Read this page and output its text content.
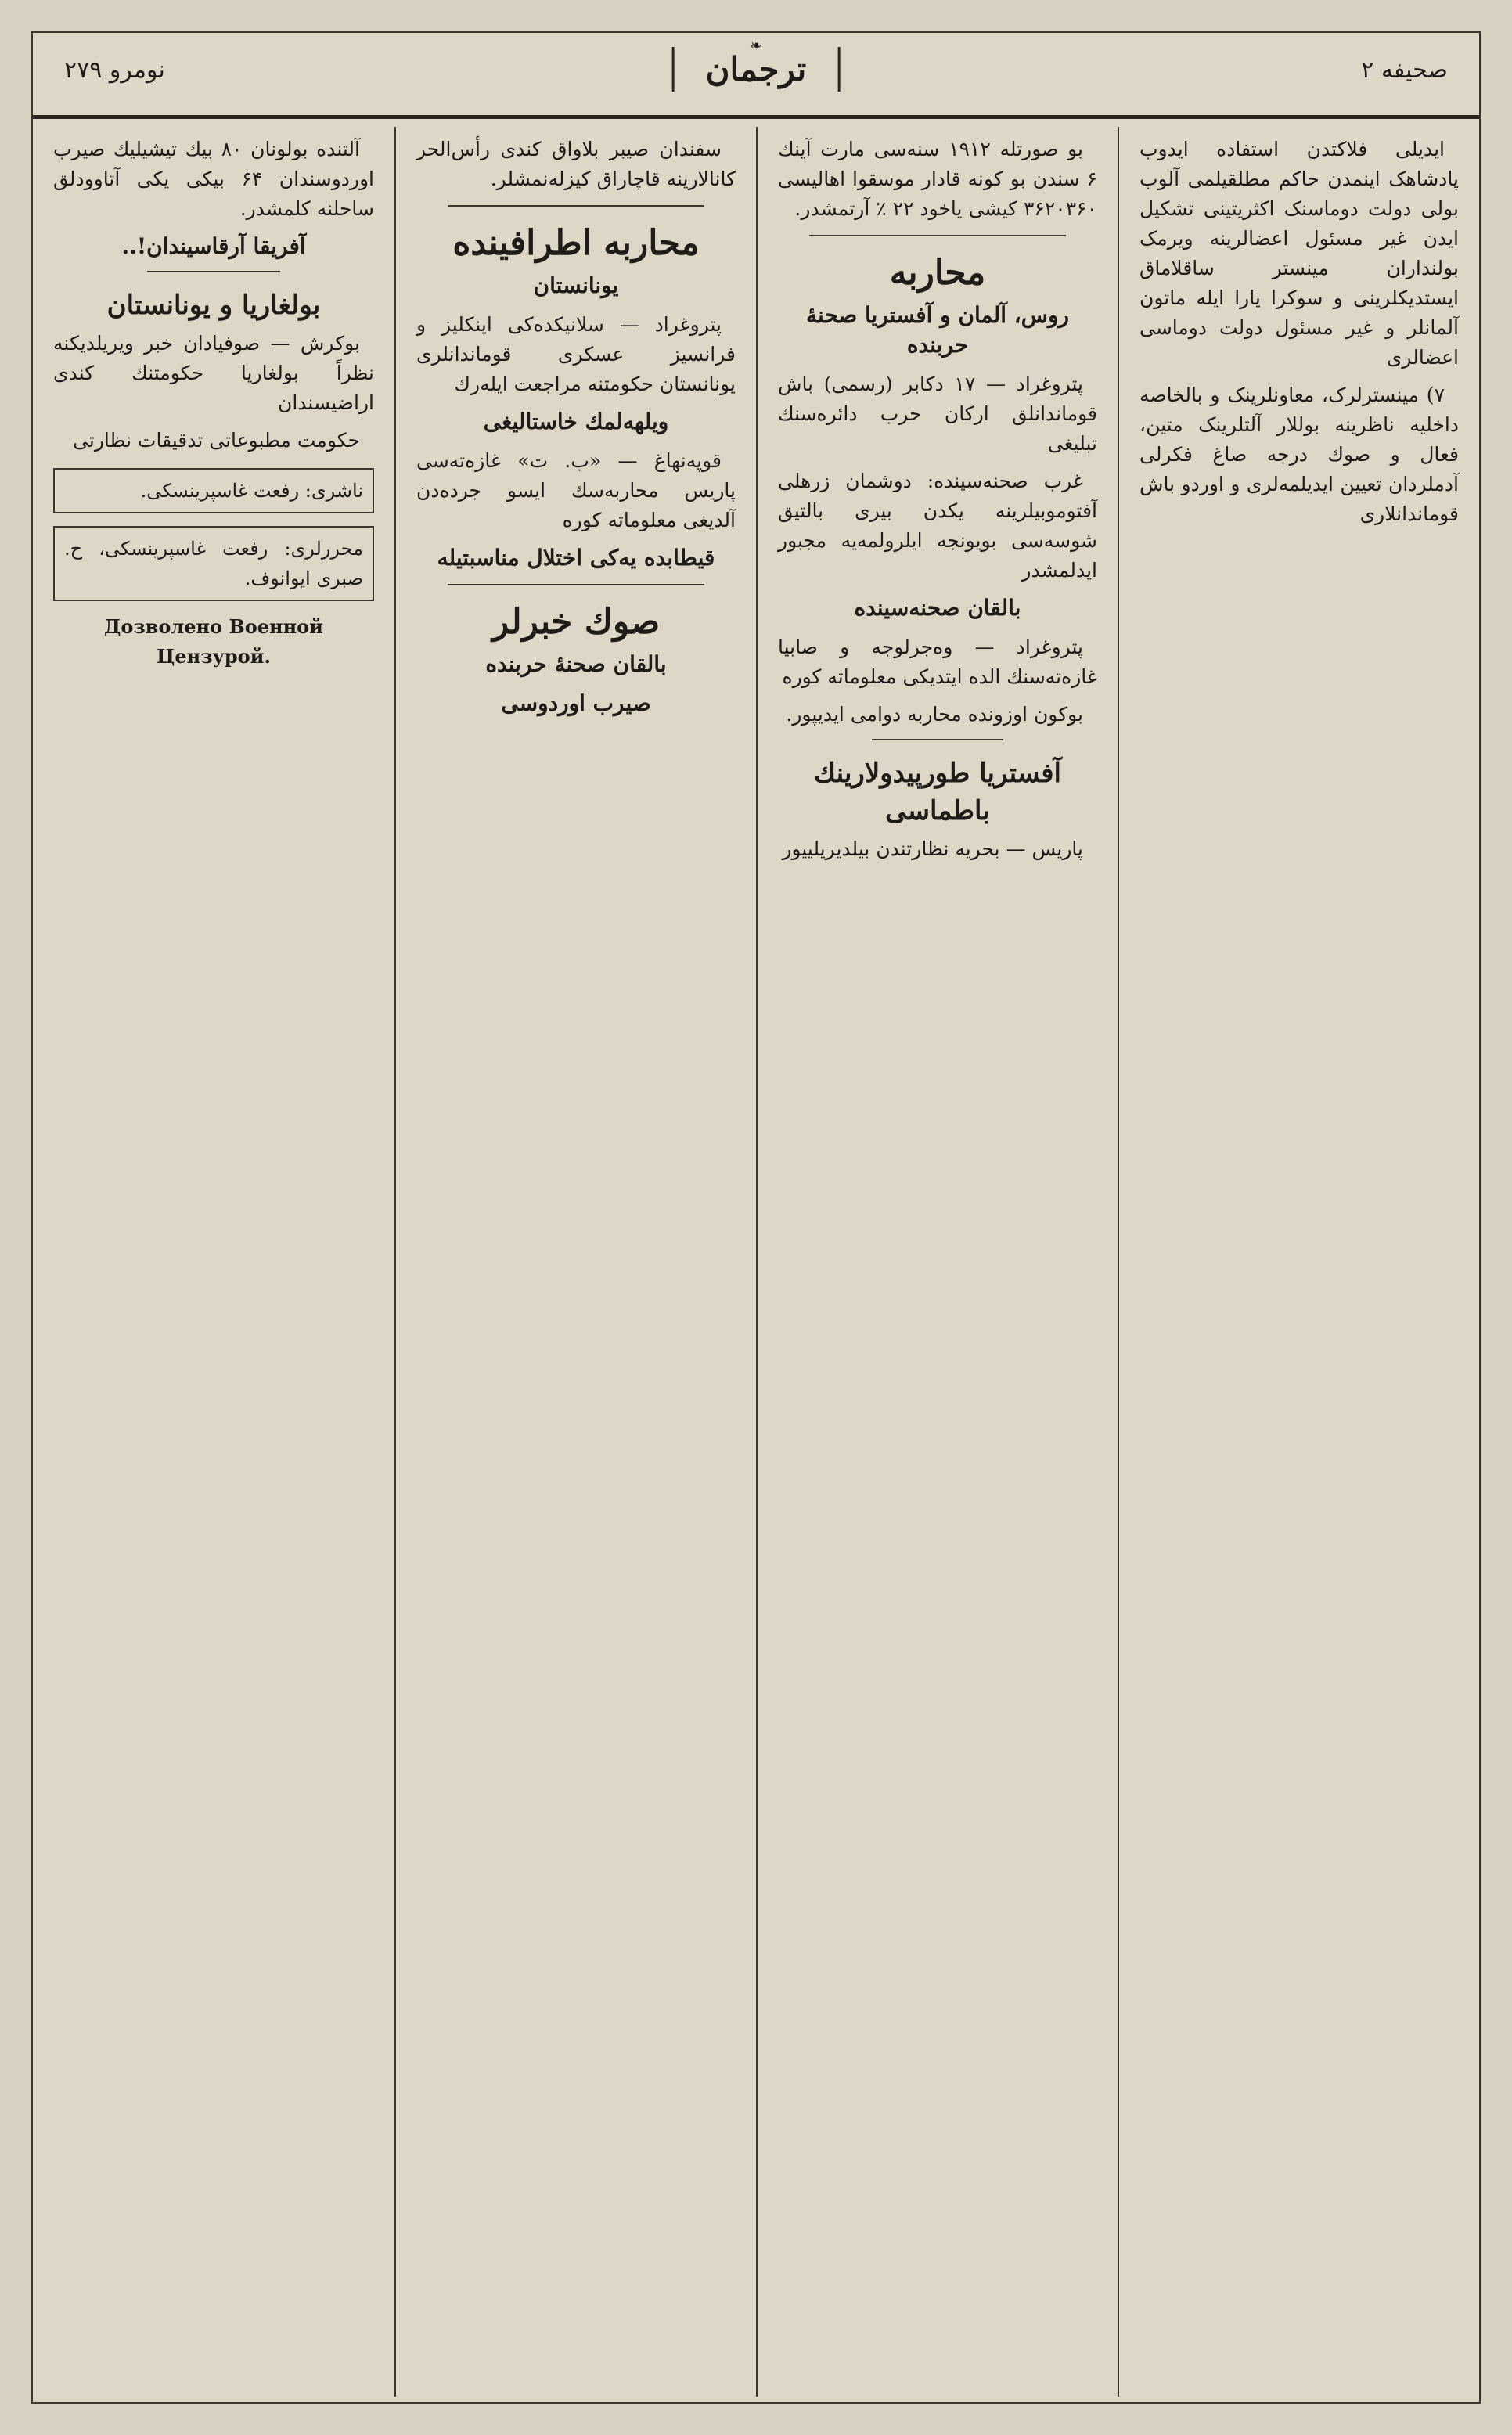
صحیفه ۲
❧
ترجمان
نومرو ۲۷۹

ایدیلی فلاکتدن استفاده ایدوب پادشاهک اینمدن حاکم مطلقیلمی آلوب بولی دولت دوماسنک اکثریتینی تشکیل ایدن غیر مسئول اعضالرینه ویرمک بولنداران مینستر ساقلاماق ایستدیکلرینی و سوکرا یارا ایله ماتون آلمانلر و غیر مسئول دولت دوماسی اعضالری

۷) مینسترلرک، معاونلرینک و بالخاصه داخلیه ناظرینه بوللار آلتلرینک متین، فعال و صوك درجه صاغ فكرلی آدملردان تعیین ایدیلمه‌لری و اوردو باش قوماندانلاری

بو صورتله ۱۹۱۲ سنه‌سی مارت آینك ۶ سندن بو کونه قادار موسقوا اهالیسی ۳۶۲۰۳۶۰ کیشی یاخود ۲۲ ٪ آرتمشدر.

محاربه
روس، آلمان و آفستریا صحنهٔ حربنده

پتروغراد — ۱۷ دکابر (رسمی) باش قوماندانلق ارکان حرب دائره‌سنك تبلیغی

غرب صحنه‌سینده: دوشمان زرهلی آفتوموبیلرینه یکدن بیری بالتیق شوسه‌سی بویونجه ایلرولمه‌یه مجبور ایدلمشدر

بالقان صحنه‌سینده

پتروغراد — وه‌جرلوجه و صابیا غازه‌ته‌سنك الده ایتدیکی معلوماته کوره

بوکون اوزونده محاربه دوامی ایدیپور.

آفستریا طورپیدولارینك باطماسی

پاریس — بحریه نظارتندن بیلدیریلییور

سفندان صیبر بلاواق کندی رأس‌الحر کانالارینه قاچاراق کیزله‌نمشلر.

محاربه اطرافینده
یونانستان

پتروغراد — سلانیکده‌کی اینکلیز و فرانسیز عسکری قوماندانلری یونانستان حکومتنه مراجعت ایله‌رك

ویلهه‌لمك خاستالیغی

قوپه‌نهاغ — «ب. ت» غازه‌ته‌سی پاریس محاربه‌سك ایسو جرده‌دن آلدیغی معلوماته کوره

قیطابده یه‌كی اختلال مناسبتیله
صوك خبرلر
بالقان صحنهٔ حربنده
صیرب اوردوسی

آلتنده بولونان ۸۰ بیك تیشیلیك صیرب اوردوسندان ۶۴ بیكی یکی آتاوودلق ساحلنه کلمشدر.

آفریقا آرقاسیندان!..
بولغاریا و یونانستان

بوکرش — صوفیادان خبر ویریلدیکنه نظراً بولغاریا حکومتنك کندی اراضیسندان

حکومت مطبوعاتی تدقیقات نظارتی

ناشری: رفعت غاسپرینسکی.
محررلری: رفعت غاسپرینسکی، ح. صبری ایوانوف.
Дозволено Военной Цензурой.
